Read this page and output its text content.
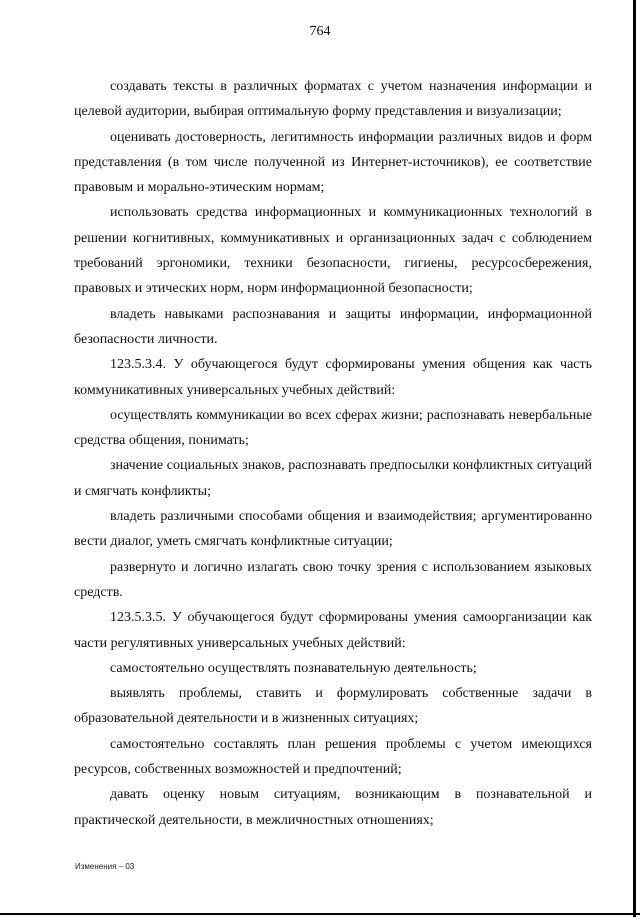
764

создавать тексты в различных форматах с учетом назначения информации и целевой аудитории, выбирая оптимальную форму представления и визуализации;

оценивать достоверность, легитимность информации различных видов и форм представления (в том числе полученной из Интернет-источников), ее соответствие правовым и морально-этическим нормам;

использовать средства информационных и коммуникационных технологий в решении когнитивных, коммуникативных и организационных задач с соблюдением требований эргономики, техники безопасности, гигиены, ресурсосбережения, правовых и этических норм, норм информационной безопасности;

владеть навыками распознавания и защиты информации, информационной безопасности личности.

123.5.3.4. У обучающегося будут сформированы умения общения как часть коммуникативных универсальных учебных действий:

осуществлять коммуникации во всех сферах жизни; распознавать невербальные средства общения, понимать;

значение социальных знаков, распознавать предпосылки конфликтных ситуаций и смягчать конфликты;

владеть различными способами общения и взаимодействия; аргументированно вести диалог, уметь смягчать конфликтные ситуации;

развернуто и логично излагать свою точку зрения с использованием языковых средств.

123.5.3.5. У обучающегося будут сформированы умения самоорганизации как части регулятивных универсальных учебных действий:

самостоятельно осуществлять познавательную деятельность;

выявлять проблемы, ставить и формулировать собственные задачи в образовательной деятельности и в жизненных ситуациях;

самостоятельно составлять план решения проблемы с учетом имеющихся ресурсов, собственных возможностей и предпочтений;

давать оценку новым ситуациям, возникающим в познавательной и практической деятельности, в межличностных отношениях;

Изменения – 03
